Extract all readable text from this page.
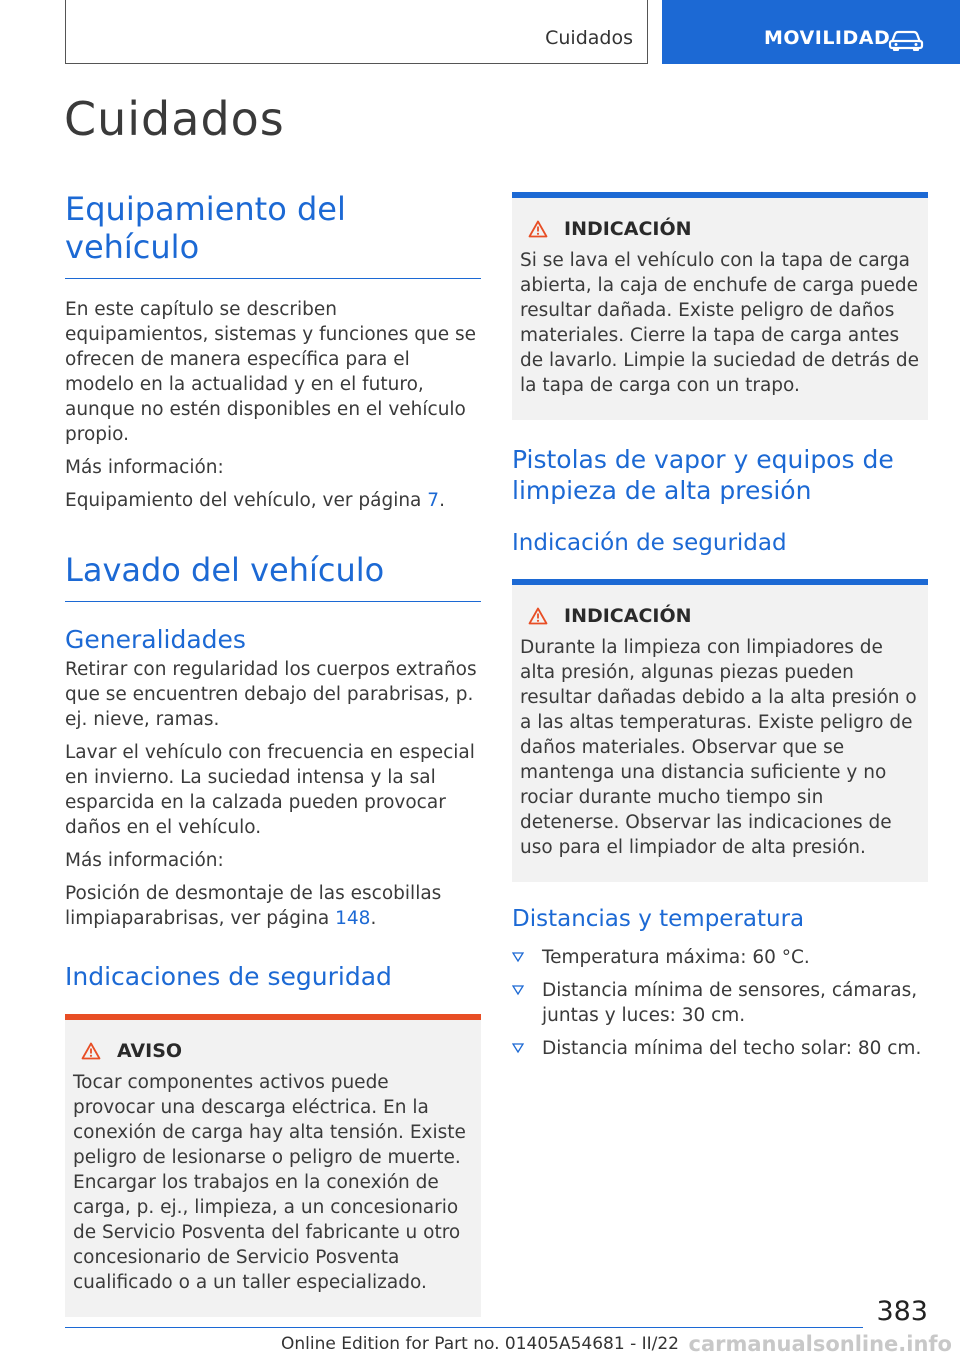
Cuidados	MOVILIDAD
Cuidados
Equipamiento del vehículo

En este capítulo se describen equipamientos, sistemas y funciones que se ofrecen de manera específica para el modelo en la actualidad y en el futuro, aunque no estén disponibles en el vehículo propio.

Más información:

Equipamiento del vehículo, ver página 7.

Lavado del vehículo
Generalidades

Retirar con regularidad los cuerpos extraños que se encuentren debajo del parabrisas, p. ej. nieve, ramas.

Lavar el vehículo con frecuencia en especial en invierno. La suciedad intensa y la sal esparcida en la calzada pueden provocar daños en el vehículo.

Más información:

Posición de desmontaje de las escobillas limpiaparabrisas, ver página 148.

Indicaciones de seguridad
AVISO

Tocar componentes activos puede provocar una descarga eléctrica. En la conexión de carga hay alta tensión. Existe peligro de lesionarse o peligro de muerte. Encargar los trabajos en la conexión de carga, p. ej., limpieza, a un concesionario de Servicio Posventa del fabricante u otro concesionario de Servicio Posventa cualificado o a un taller especializado.

INDICACIÓN

Si se lava el vehículo con la tapa de carga abierta, la caja de enchufe de carga puede resultar dañada. Existe peligro de daños materiales. Cierre la tapa de carga antes de lavarlo. Limpie la suciedad de detrás de la tapa de carga con un trapo.

Pistolas de vapor y equipos de limpieza de alta presión
Indicación de seguridad
INDICACIÓN

Durante la limpieza con limpiadores de alta presión, algunas piezas pueden resultar dañadas debido a la alta presión o a las altas temperaturas. Existe peligro de daños materiales. Observar que se mantenga una distancia suficiente y no rociar durante mucho tiempo sin detenerse. Observar las indicaciones de uso para el limpiador de alta presión.

Distancias y temperatura
Temperatura máxima: 60 °C.
Distancia mínima de sensores, cámaras, juntas y luces: 30 cm.
Distancia mínima del techo solar: 80 cm.
383
Online Edition for Part no. 01405A54681 - II/22 carmanualsonline.info
